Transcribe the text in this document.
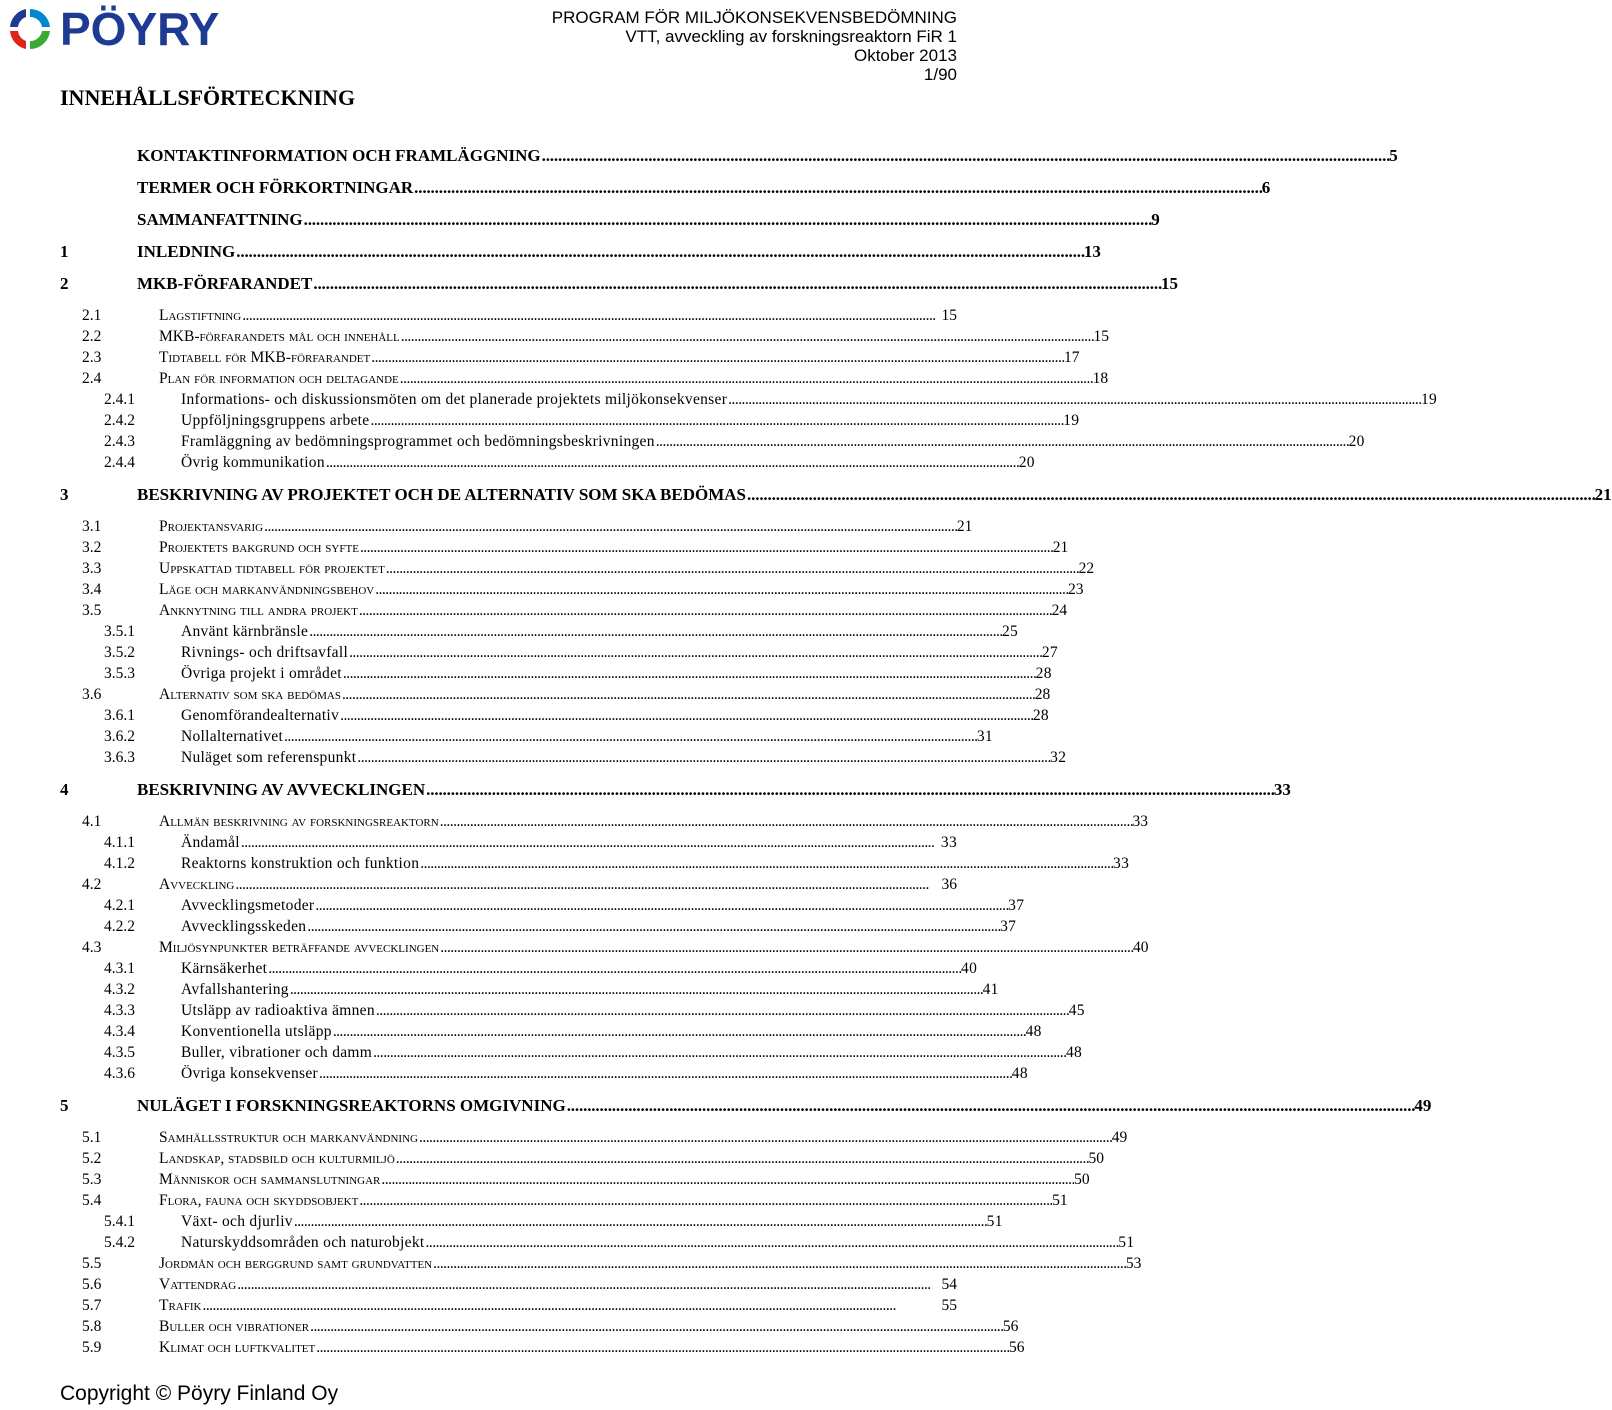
PÖYRY	PROGRAM FÖR MILJÖKONSEKVENSBEDÖMNING
VTT, avveckling av forskningsreaktorn FiR 1
Oktober 2013
1/90
INNEHÅLLSFÖRTECKNING
KONTAKTINFORMATION OCH FRAMLÄGGNING . . .	5
TERMER OCH FÖRKORTNINGAR . . .	6
SAMMANFATTNING . . .	9
1	INLEDNING . . .	13
2	MKB-FÖRFARANDET . . .	15
2.1	Lagstiftning . . .	15
2.2	MKB-förfarandets mål och innehåll . . .	15
2.3	Tidtabell för MKB-förfarandet . . .	17
2.4	Plan för information och deltagande . . .	18
2.4.1	Informations- och diskussionsmöten om det planerade projektets miljökonsekvenser . . .	19
2.4.2	Uppföljningsgruppens arbete . . .	19
2.4.3	Framläggning av bedömningsprogrammet och bedömningsbeskrivningen . . .	20
2.4.4	Övrig kommunikation . . .	20
3	BESKRIVNING AV PROJEKTET OCH DE ALTERNATIV SOM SKA BEDÖMAS . . .	21
3.1	Projektansvarig . . .	21
3.2	Projektets bakgrund och syfte . . .	21
3.3	Uppskattad tidtabell för projektet . . .	22
3.4	Läge och markanvändningsbehov . . .	23
3.5	Anknytning till andra projekt . . .	24
3.5.1	Använt kärnbränsle . . .	25
3.5.2	Rivnings- och driftsavfall . . .	27
3.5.3	Övriga projekt i området . . .	28
3.6	Alternativ som ska bedömas . . .	28
3.6.1	Genomförandealternativ . . .	28
3.6.2	Nollalternativet . . .	31
3.6.3	Nuläget som referenspunkt . . .	32
4	BESKRIVNING AV AVVECKLINGEN . . .	33
4.1	Allmän beskrivning av forskningsreaktorn . . .	33
4.1.1	Ändamål . . .	33
4.1.2	Reaktorns konstruktion och funktion . . .	33
4.2	Avveckling . . .	36
4.2.1	Avvecklingsmetoder . . .	37
4.2.2	Avvecklingsskeden . . .	37
4.3	Miljösynpunkter beträffande avvecklingen . . .	40
4.3.1	Kärnsäkerhet . . .	40
4.3.2	Avfallshantering . . .	41
4.3.3	Utsläpp av radioaktiva ämnen . . .	45
4.3.4	Konventionella utsläpp . . .	48
4.3.5	Buller, vibrationer och damm . . .	48
4.3.6	Övriga konsekvenser . . .	48
5	NULÄGET I FORSKNINGSREAKTORNS OMGIVNING . . .	49
5.1	Samhällsstruktur och markanvändning . . .	49
5.2	Landskap, stadsbild och kulturmiljö . . .	50
5.3	Människor och sammanslutningar . . .	50
5.4	Flora, fauna och skyddsobjekt . . .	51
5.4.1	Växt- och djurliv . . .	51
5.4.2	Naturskyddsområden och naturobjekt . . .	51
5.5	Jordmån och berggrund samt grundvatten . . .	53
5.6	Vattendrag . . .	54
5.7	Trafik . . .	55
5.8	Buller och vibrationer . . .	56
5.9	Klimat och luftkvalitet . . .	56
Copyright © Pöyry Finland Oy
